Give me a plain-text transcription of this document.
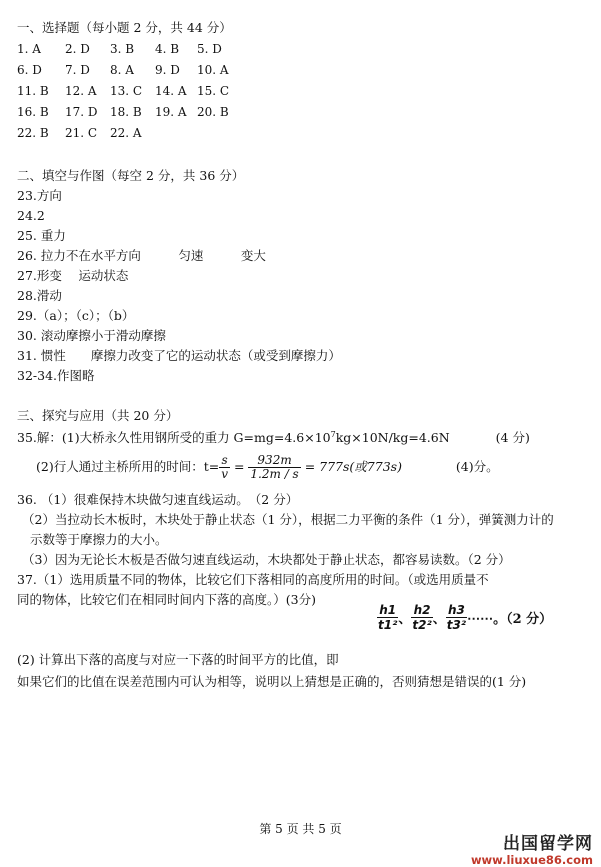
一、选择题（每小题 2 分，共 44 分）
1. A 2. D 3. B 4. B 5. D
6. D 7. D 8. A 9. D 10. A
11. B 12. A 13. C 14. A 15. C
16. B 17. D 18. B 19. A 20. B
22. B 21. C 22. A
二、填空与作图（每空 2 分，共 36 分）
23.方向
24.2
25. 重力
26. 拉力不在水平方向　　　匀速　　　变大
27.形变　 运动状态
28.滑动
29.（a）；（c）；（b）
30. 滚动摩擦小于滑动摩擦
31. 惯性　　摩擦力改变了它的运动状态（或受到摩擦力）
32-34.作图略
三、探究与应用（共 20 分）
35.解：(1)大桥永久性用钢所受的重力 $G=mg=4.6\times 10^7kg\times 10N/kg=4.6N$	(4 分)
(2)行人通过主桥所用的时间：$t= \frac{s}{v} = \frac{932m}{1.2m / s} = 777s$(或773s)	(4)分。
36. （1）很难保持木块做匀速直线运动。　（2 分）
（2）当拉动长木板时，木块处于静止状态（1 分），根据二力平衡的条件（1 分），弹簧测力计的
示数等于摩擦力的大小。
（3）因为无论长木板是否做匀速直线运动，木块都处于静止状态，都容易读数。（2 分）
37.（1）选用质量不同的物体，比较它们下落相同的高度所用的时间。（或选用质量不
同的物体，比较它们在相同时间内下落的高度。）(3分)
$\frac{h1}{\text{t1²}}$ 、 $\frac{h2}{\text{t2²}}$ 、 $\frac{h3}{\text{t3²}}$ ⋯⋯。（2 分）
(2) 计算出下落的高度与对应一下落的时间平方的比值，即
如果它们的比值在误差范围内可认为相等，说明以上猜想是正确的，否则猜想是错误的(1 分)
第 5 页 共 5 页
出国留学网
www.liuxue86.com
